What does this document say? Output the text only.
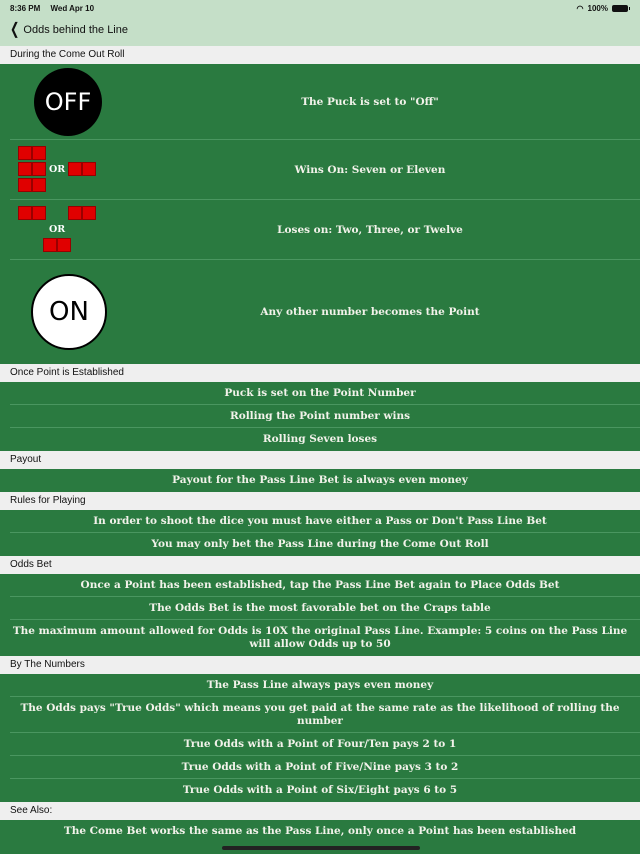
8:36 PM Wed Apr 10	◠ 100%
❮ Odds behind the Line
During the Come Out Roll
OFF	The Puck is set to "Off"
OR	Wins On: Seven or Eleven
OR	Loses on: Two, Three, or Twelve
ON	Any other number becomes the Point
Once Point is Established
Puck is set on the Point Number
Rolling the Point number wins
Rolling Seven loses
Payout
Payout for the Pass Line Bet is always even money
Rules for Playing
In order to shoot the dice you must have either a Pass or Don't Pass Line Bet
You may only bet the Pass Line during the Come Out Roll
Odds Bet
Once a Point has been established, tap the Pass Line Bet again to Place Odds Bet
The Odds Bet is the most favorable bet on the Craps table
The maximum amount allowed for Odds is 10X the original Pass Line. Example: 5 coins on the Pass Line will allow Odds up to 50
By The Numbers
The Pass Line always pays even money
The Odds pays "True Odds" which means you get paid at the same rate as the likelihood of rolling the number
True Odds with a Point of Four/Ten pays 2 to 1
True Odds with a Point of Five/Nine pays 3 to 2
True Odds with a Point of Six/Eight pays 6 to 5
See Also:
The Come Bet works the same as the Pass Line, only once a Point has been established
